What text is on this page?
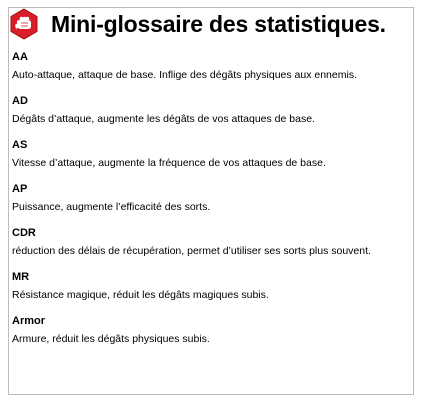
Mini-glossaire des statistiques.
AA
Auto-attaque, attaque de base. Inflige des dégâts physiques aux ennemis.
AD
Dégâts d’attaque, augmente les dégâts de vos attaques de base.
AS
Vitesse d’attaque, augmente la fréquence de vos attaques de base.
AP
Puissance, augmente l’efficacité des sorts.
CDR
réduction des délais de récupération, permet d’utiliser ses sorts plus souvent.
MR
Résistance magique, réduit les dégâts magiques subis.
Armor
Armure, réduit les dégâts physiques subis.
